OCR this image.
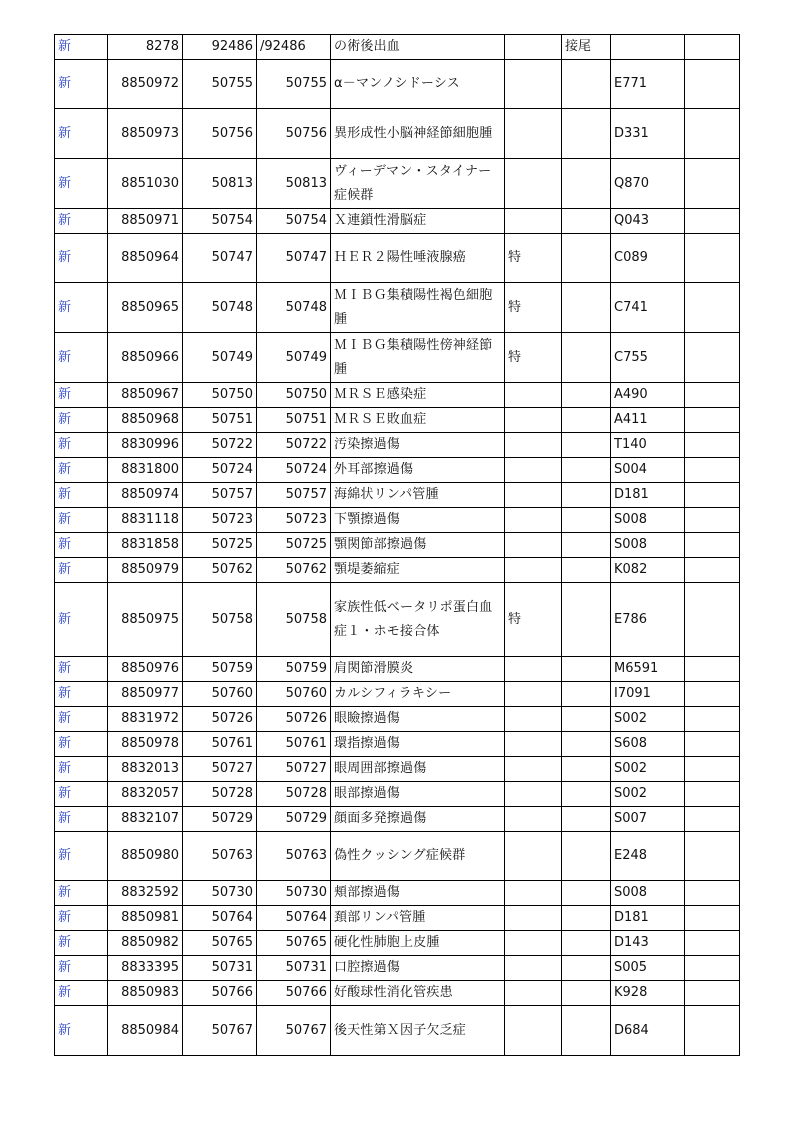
新	8278	92486	/92486	の術後出血		接尾		
新	8850972	50755	50755	α－マンノシドーシス			E771	
新	8850973	50756	50756	異形成性小脳神経節細胞腫			D331	
新	8851030	50813	50813	ヴィーデマン・スタイナー症候群			Q870	
新	8850971	50754	50754	Ｘ連鎖性滑脳症			Q043	
新	8850964	50747	50747	ＨＥＲ２陽性唾液腺癌	特		C089	
新	8850965	50748	50748	ＭＩＢＧ集積陽性褐色細胞腫	特		C741	
新	8850966	50749	50749	ＭＩＢＧ集積陽性傍神経節腫	特		C755	
新	8850967	50750	50750	ＭＲＳＥ感染症			A490	
新	8850968	50751	50751	ＭＲＳＥ敗血症			A411	
新	8830996	50722	50722	汚染擦過傷			T140	
新	8831800	50724	50724	外耳部擦過傷			S004	
新	8850974	50757	50757	海綿状リンパ管腫			D181	
新	8831118	50723	50723	下顎擦過傷			S008	
新	8831858	50725	50725	顎関節部擦過傷			S008	
新	8850979	50762	50762	顎堤萎縮症			K082	
新	8850975	50758	50758	家族性低ベータリポ蛋白血症１・ホモ接合体	特		E786	
新	8850976	50759	50759	肩関節滑膜炎			M6591	
新	8850977	50760	50760	カルシフィラキシー			I7091	
新	8831972	50726	50726	眼瞼擦過傷			S002	
新	8850978	50761	50761	環指擦過傷			S608	
新	8832013	50727	50727	眼周囲部擦過傷			S002	
新	8832057	50728	50728	眼部擦過傷			S002	
新	8832107	50729	50729	顔面多発擦過傷			S007	
新	8850980	50763	50763	偽性クッシング症候群			E248	
新	8832592	50730	50730	頬部擦過傷			S008	
新	8850981	50764	50764	頚部リンパ管腫			D181	
新	8850982	50765	50765	硬化性肺胞上皮腫			D143	
新	8833395	50731	50731	口腔擦過傷			S005	
新	8850983	50766	50766	好酸球性消化管疾患			K928	
新	8850984	50767	50767	後天性第Ｘ因子欠乏症			D684	
